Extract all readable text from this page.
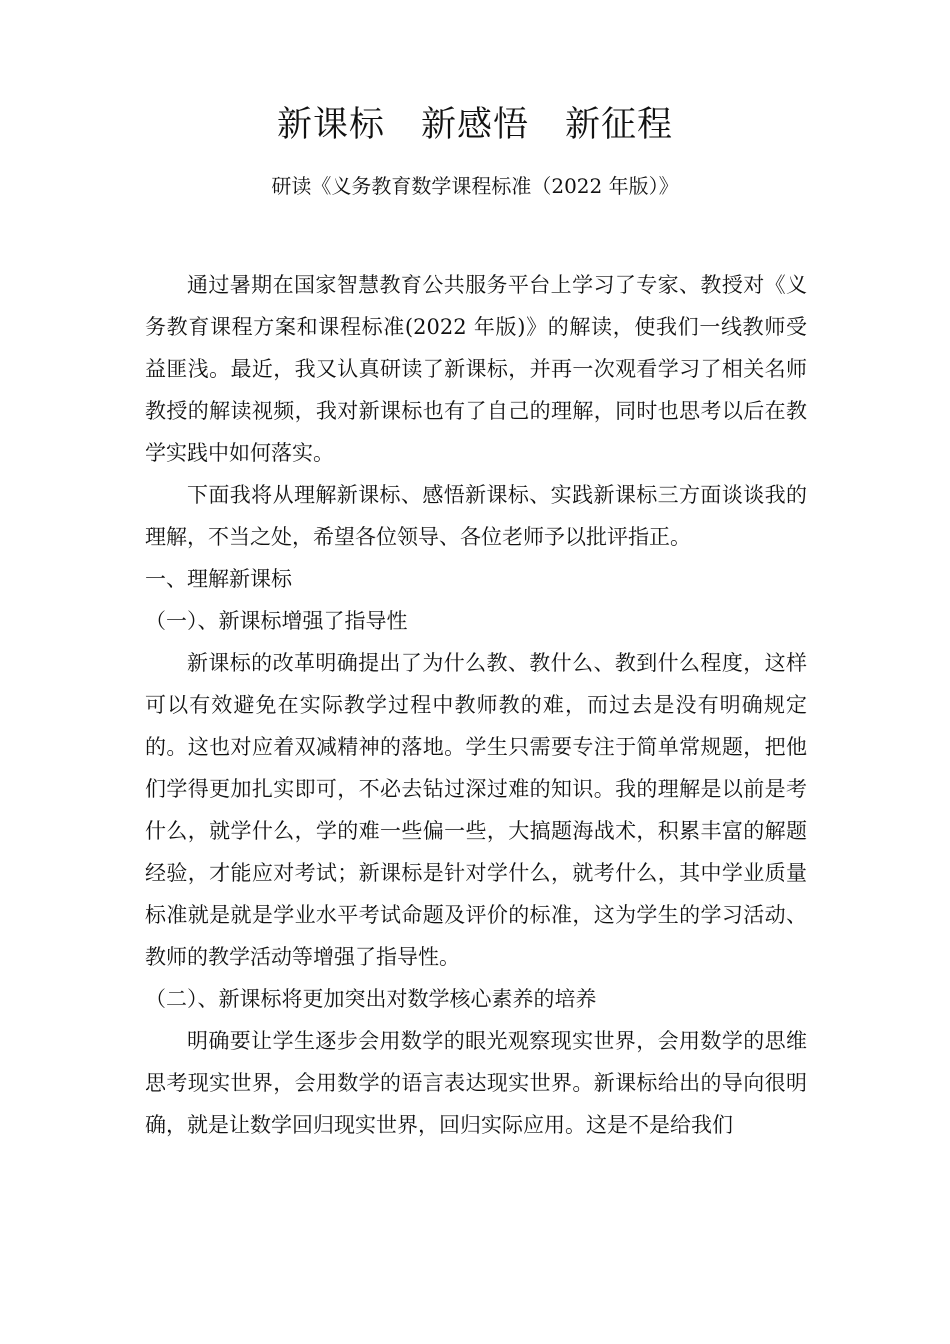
新课标　新感悟　新征程
研读《义务教育数学课程标准（2022 年版）》

通过暑期在国家智慧教育公共服务平台上学习了专家、教授对《义务教育课程方案和课程标准(2022 年版)》的解读，使我们一线教师受益匪浅。最近，我又认真研读了新课标，并再一次观看学习了相关名师教授的解读视频，我对新课标也有了自己的理解，同时也思考以后在教学实践中如何落实。

下面我将从理解新课标、感悟新课标、实践新课标三方面谈谈我的理解，不当之处，希望各位领导、各位老师予以批评指正。

一、理解新课标

（一）、新课标增强了指导性

新课标的改革明确提出了为什么教、教什么、教到什么程度，这样可以有效避免在实际教学过程中教师教的难，而过去是没有明确规定的。这也对应着双减精神的落地。学生只需要专注于简单常规题，把他们学得更加扎实即可，不必去钻过深过难的知识。我的理解是以前是考什么，就学什么，学的难一些偏一些，大搞题海战术，积累丰富的解题经验，才能应对考试；新课标是针对学什么，就考什么，其中学业质量标准就是就是学业水平考试命题及评价的标准，这为学生的学习活动、教师的教学活动等增强了指导性。

（二）、新课标将更加突出对数学核心素养的培养

明确要让学生逐步会用数学的眼光观察现实世界，会用数学的思维思考现实世界，会用数学的语言表达现实世界。新课标给出的导向很明确，就是让数学回归现实世界，回归实际应用。这是不是给我们
